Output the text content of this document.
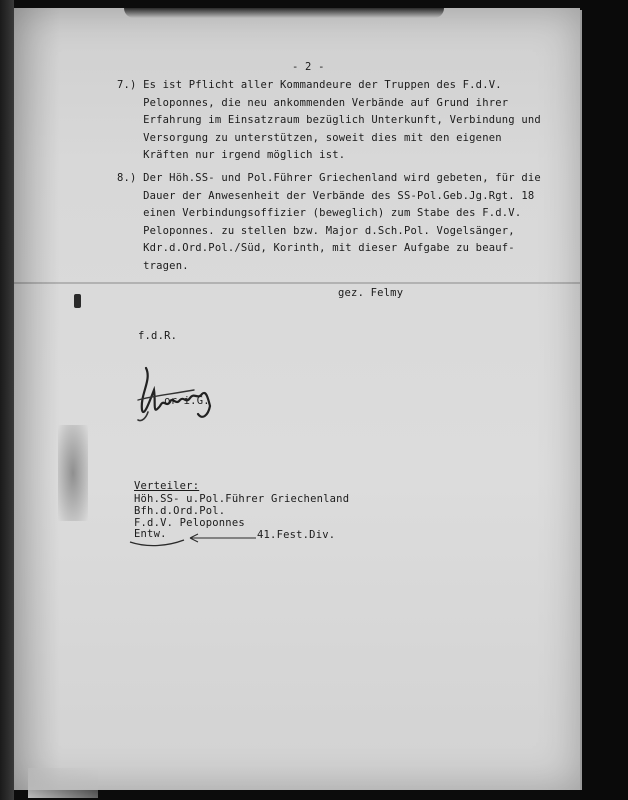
- 2 -
7.) Es ist Pflicht aller Kommandeure der Truppen des F.d.V.
Peloponnes, die neu ankommenden Verbände auf Grund ihrer
Erfahrung im Einsatzraum bezüglich Unterkunft, Verbindung und
Versorgung zu unterstützen, soweit dies mit den eigenen
Kräften nur irgend möglich ist.
8.) Der Höh.SS- und Pol.Führer Griechenland wird gebeten, für die
Dauer der Anwesenheit der Verbände des SS-Pol.Geb.Jg.Rgt. 18
einen Verbindungsoffizier (beweglich) zum Stabe des F.d.V.
Peloponnes. zu stellen bzw. Major d.Sch.Pol. Vogelsänger,
Kdr.d.Ord.Pol./Süd, Korinth, mit dieser Aufgabe zu beauf-
tragen.
gez. Felmy
f.d.R.
or i.G.
Verteiler:
Höh.SS- u.Pol.Führer Griechenland
Bfh.d.Ord.Pol.
F.d.V. Peloponnes
Entw.	41.Fest.Div.
